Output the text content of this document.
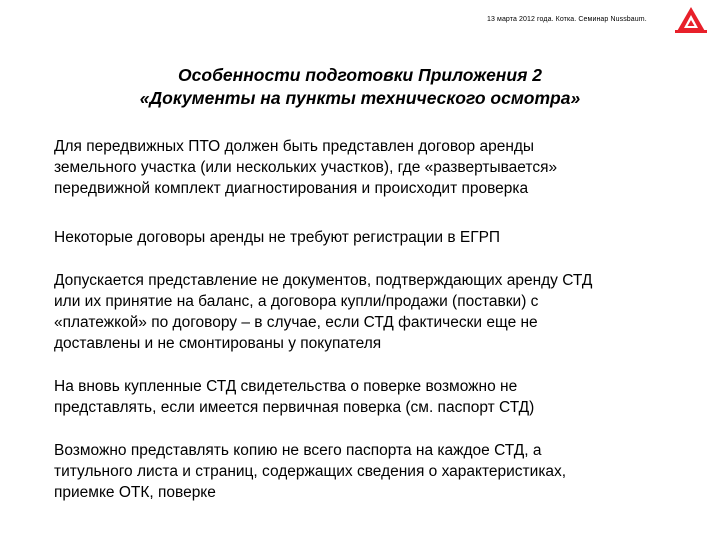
13 марта 2012 года. Котка. Семинар Nussbaum.
Особенности подготовки Приложения 2
«Документы на пункты технического осмотра»
Для передвижных ПТО должен быть представлен договор аренды
земельного участка (или нескольких участков), где «развертывается»
передвижной комплект диагностирования и происходит проверка
Некоторые договоры аренды не требуют регистрации в ЕГРП
Допускается представление не документов, подтверждающих аренду СТД
или их принятие на баланс, а договора купли/продажи (поставки) с
«платежкой» по договору – в случае, если СТД фактически еще не
доставлены и не смонтированы у покупателя
На вновь купленные СТД свидетельства о поверке возможно не
представлять, если имеется первичная поверка (см. паспорт СТД)
Возможно представлять копию не всего паспорта на каждое СТД, а
титульного листа и страниц, содержащих сведения о характеристиках,
приемке ОТК, поверке
